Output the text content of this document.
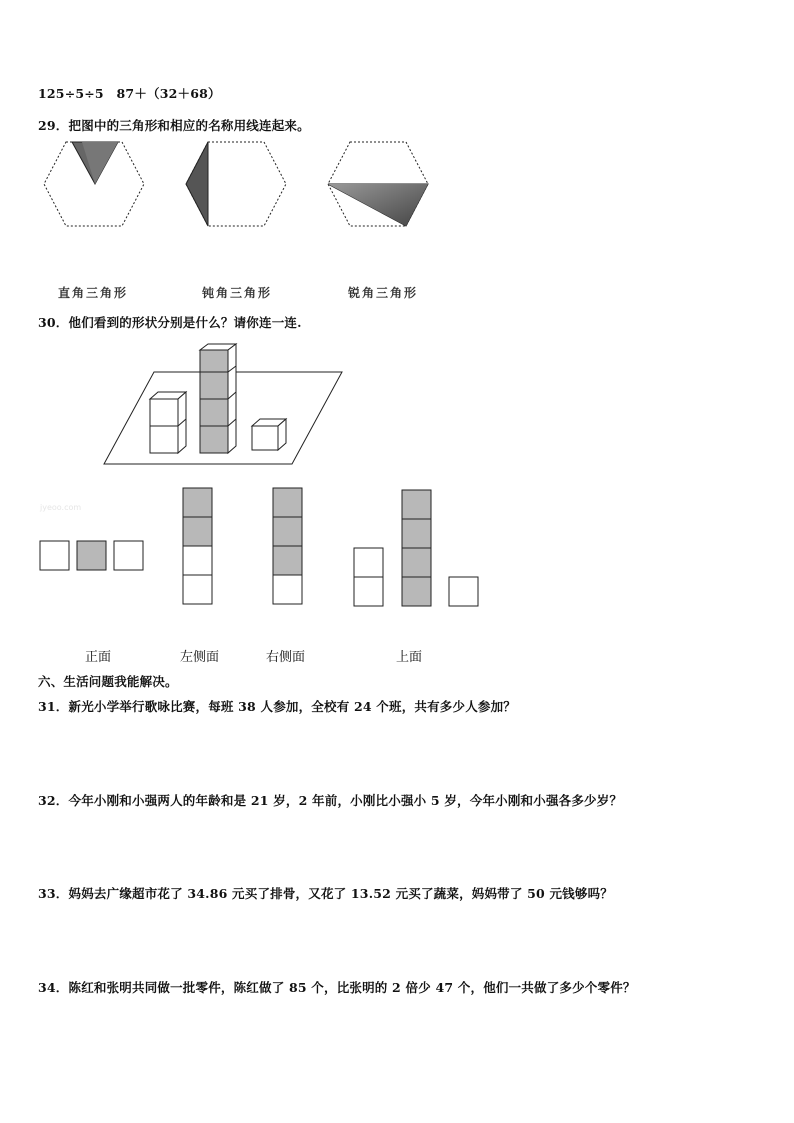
125÷5÷5　87＋（32＋68）
29．把图中的三角形和相应的名称用线连起来。
直角三角形	钝角三角形	锐角三角形
30．他们看到的形状分别是什么？请你连一连.
jyeoo.com
正面	左侧面	右侧面	上面
六、生活问题我能解决。
31．新光小学举行歌咏比赛，每班 38 人参加，全校有 24 个班，共有多少人参加？
32．今年小刚和小强两人的年龄和是 21 岁，2 年前，小刚比小强小 5 岁，今年小刚和小强各多少岁？
33．妈妈去广缘超市花了 34.86 元买了排骨，又花了 13.52 元买了蔬菜，妈妈带了 50 元钱够吗？
34．陈红和张明共同做一批零件，陈红做了 85 个，比张明的 2 倍少 47 个，他们一共做了多少个零件？
